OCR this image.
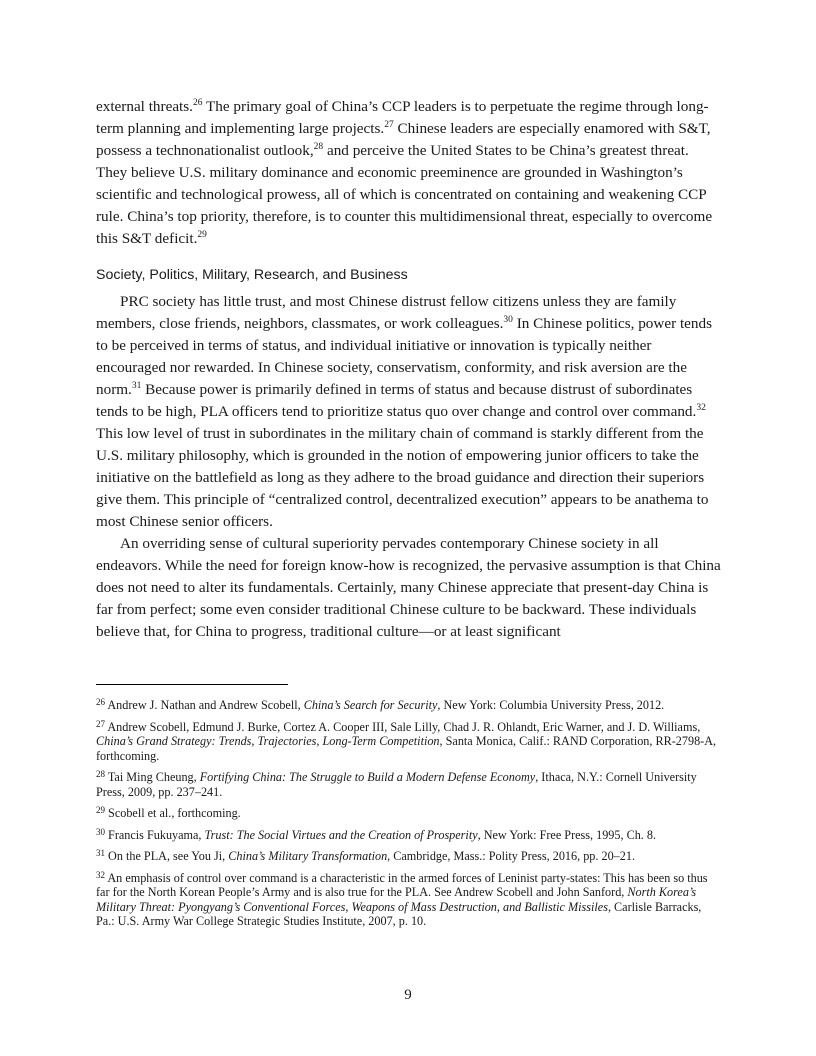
external threats.$^{26}$ The primary goal of China’s CCP leaders is to perpetuate the regime through long-term planning and implementing large projects.$^{27}$ Chinese leaders are especially enamored with S&T, possess a technonationalist outlook,$^{28}$ and perceive the United States to be China’s greatest threat. They believe U.S. military dominance and economic preeminence are grounded in Washington’s scientific and technological prowess, all of which is concentrated on containing and weakening CCP rule. China’s top priority, therefore, is to counter this multidimensional threat, especially to overcome this S&T deficit.$^{29}$

Society, Politics, Military, Research, and Business

PRC society has little trust, and most Chinese distrust fellow citizens unless they are family members, close friends, neighbors, classmates, or work colleagues.$^{30}$ In Chinese politics, power tends to be perceived in terms of status, and individual initiative or innovation is typically neither encouraged nor rewarded. In Chinese society, conservatism, conformity, and risk aversion are the norm.$^{31}$ Because power is primarily defined in terms of status and because distrust of subordinates tends to be high, PLA officers tend to prioritize status quo over change and control over command.$^{32}$ This low level of trust in subordinates in the military chain of command is starkly different from the U.S. military philosophy, which is grounded in the notion of empowering junior officers to take the initiative on the battlefield as long as they adhere to the broad guidance and direction their superiors give them. This principle of “centralized control, decentralized execution” appears to be anathema to most Chinese senior officers.

An overriding sense of cultural superiority pervades contemporary Chinese society in all endeavors. While the need for foreign know-how is recognized, the pervasive assumption is that China does not need to alter its fundamentals. Certainly, many Chinese appreciate that present-day China is far from perfect; some even consider traditional Chinese culture to be backward. These individuals believe that, for China to progress, traditional culture—or at least significant

$^{26}$ Andrew J. Nathan and Andrew Scobell, China’s Search for Security, New York: Columbia University Press, 2012.

$^{27}$ Andrew Scobell, Edmund J. Burke, Cortez A. Cooper III, Sale Lilly, Chad J. R. Ohlandt, Eric Warner, and J. D. Williams, China’s Grand Strategy: Trends, Trajectories, Long-Term Competition, Santa Monica, Calif.: RAND Corporation, RR-2798-A, forthcoming.

$^{28}$ Tai Ming Cheung, Fortifying China: The Struggle to Build a Modern Defense Economy, Ithaca, N.Y.: Cornell University Press, 2009, pp. 237–241.

$^{29}$ Scobell et al., forthcoming.

$^{30}$ Francis Fukuyama, Trust: The Social Virtues and the Creation of Prosperity, New York: Free Press, 1995, Ch. 8.

$^{31}$ On the PLA, see You Ji, China’s Military Transformation, Cambridge, Mass.: Polity Press, 2016, pp. 20–21.

$^{32}$ An emphasis of control over command is a characteristic in the armed forces of Leninist party-states: This has been so thus far for the North Korean People’s Army and is also true for the PLA. See Andrew Scobell and John Sanford, North Korea’s Military Threat: Pyongyang’s Conventional Forces, Weapons of Mass Destruction, and Ballistic Missiles, Carlisle Barracks, Pa.: U.S. Army War College Strategic Studies Institute, 2007, p. 10.

9
